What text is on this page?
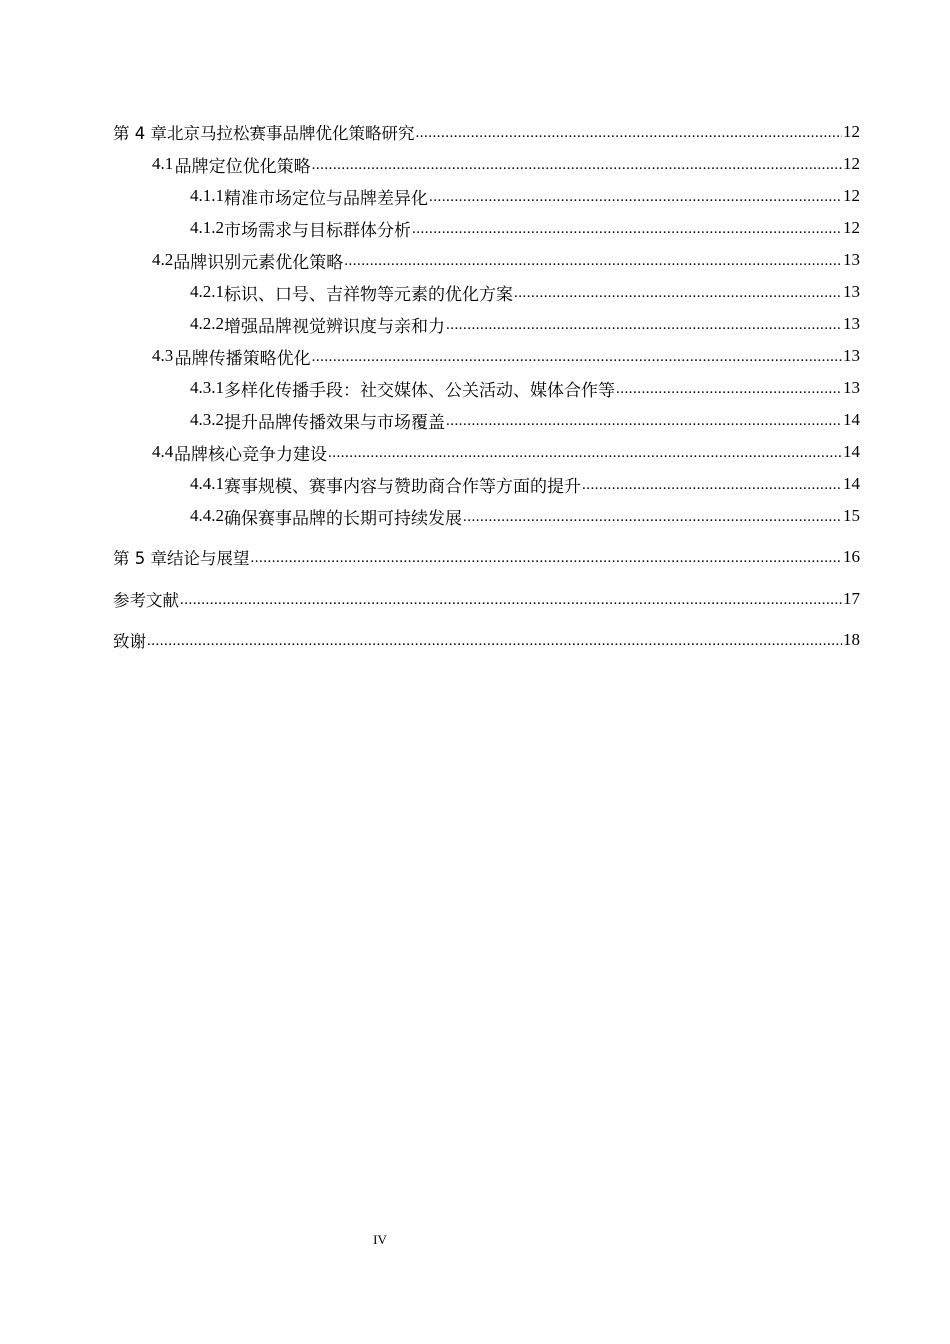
第 4 章 北京马拉松赛事品牌优化策略研究 .....	12
4.1 品牌定位优化策略 .....	12
4.1.1 精准市场定位与品牌差异化 .....	12
4.1.2 市场需求与目标群体分析 .....	12
4.2 品牌识别元素优化策略 .....	13
4.2.1 标识、口号、吉祥物等元素的优化方案 .....	13
4.2.2 增强品牌视觉辨识度与亲和力 .....	13
4.3 品牌传播策略优化 .....	13
4.3.1 多样化传播手段：社交媒体、公关活动、媒体合作等 .....	13
4.3.2 提升品牌传播效果与市场覆盖 .....	14
4.4 品牌核心竞争力建设 .....	14
4.4.1 赛事规模、赛事内容与赞助商合作等方面的提升 .....	14
4.4.2 确保赛事品牌的长期可持续发展 .....	15
第 5 章 结论与展望 .....	16
参考文献 .....	17
致谢 .....	18
IV
